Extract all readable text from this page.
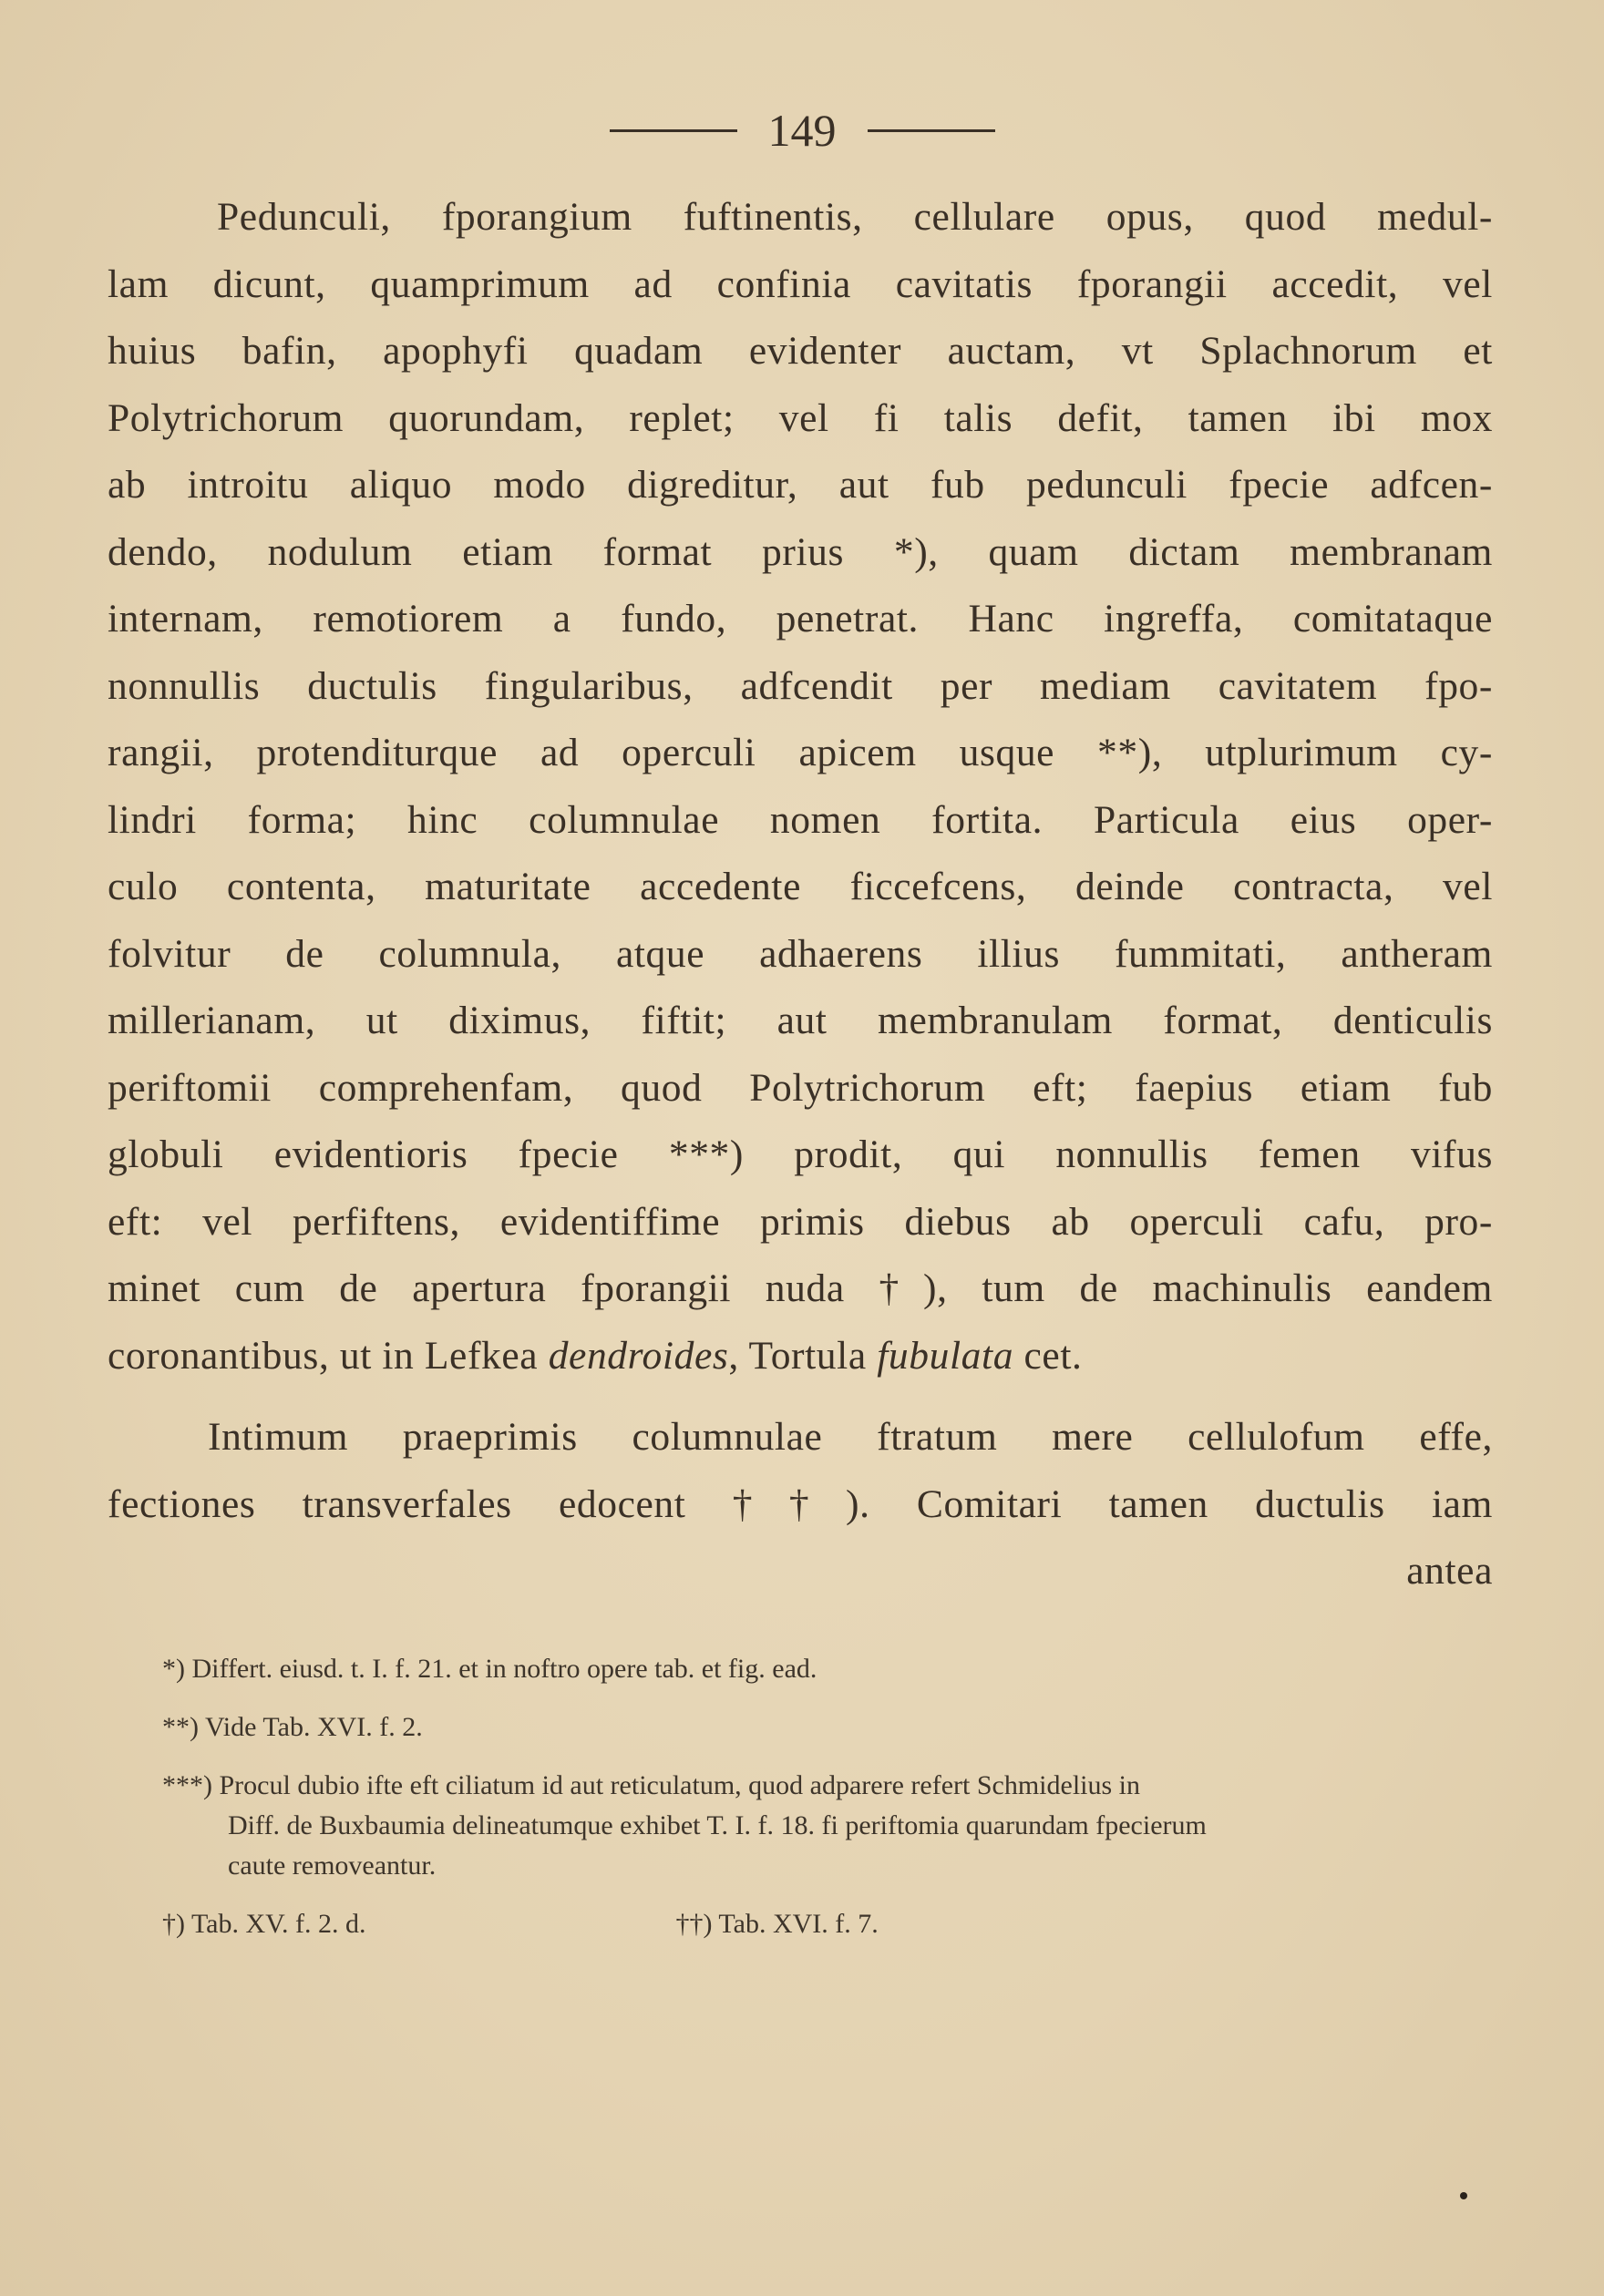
149

Pedunculi, fporangium fuftinentis, cellulare opus, quod medul-
lam dicunt, quamprimum ad confinia cavitatis fporangii accedit, vel
huius bafin, apophyfi quadam evidenter auctam, vt Splachnorum et
Polytrichorum quorundam, replet; vel fi talis defit, tamen ibi mox
ab introitu aliquo modo digreditur, aut fub pedunculi fpecie adfcen-
dendo, nodulum etiam format prius *), quam dictam membranam
internam, remotiorem a fundo, penetrat. Hanc ingreffa, comitataque
nonnullis ductulis fingularibus, adfcendit per mediam cavitatem fpo-
rangii, protenditurque ad operculi apicem usque **), utplurimum cy-
lindri forma; hinc columnulae nomen fortita. Particula eius oper-
culo contenta, maturitate accedente ficcefcens, deinde contracta, vel
folvitur de columnula, atque adhaerens illius fummitati, antheram
millerianam, ut diximus, fiftit; aut membranulam format, denticulis
periftomii comprehenfam, quod Polytrichorum eft; faepius etiam fub
globuli evidentioris fpecie ***) prodit, qui nonnullis femen vifus
eft: vel perfiftens, evidentiffime primis diebus ab operculi cafu, pro-
minet cum de apertura fporangii nuda †), tum de machinulis eandem
coronantibus, ut in Lefkea dendroides, Tortula fubulata cet.

Intimum praeprimis columnulae ftratum mere cellulofum effe,
fectiones transverfales edocent ††). Comitari tamen ductulis iam
antea

*) Differt. eiusd. t. I. f. 21. et in noftro opere tab. et fig. ead.

**) Vide Tab. XVI. f. 2.

***) Procul dubio ifte eft ciliatum id aut reticulatum, quod adparere refert Schmidelius in
Diff. de Buxbaumia delineatumque exhibet T. I. f. 18. fi periftomia quarundam fpecierum
caute removeantur.

†) Tab. XV. f. 2. d.	††) Tab. XVI. f. 7.
